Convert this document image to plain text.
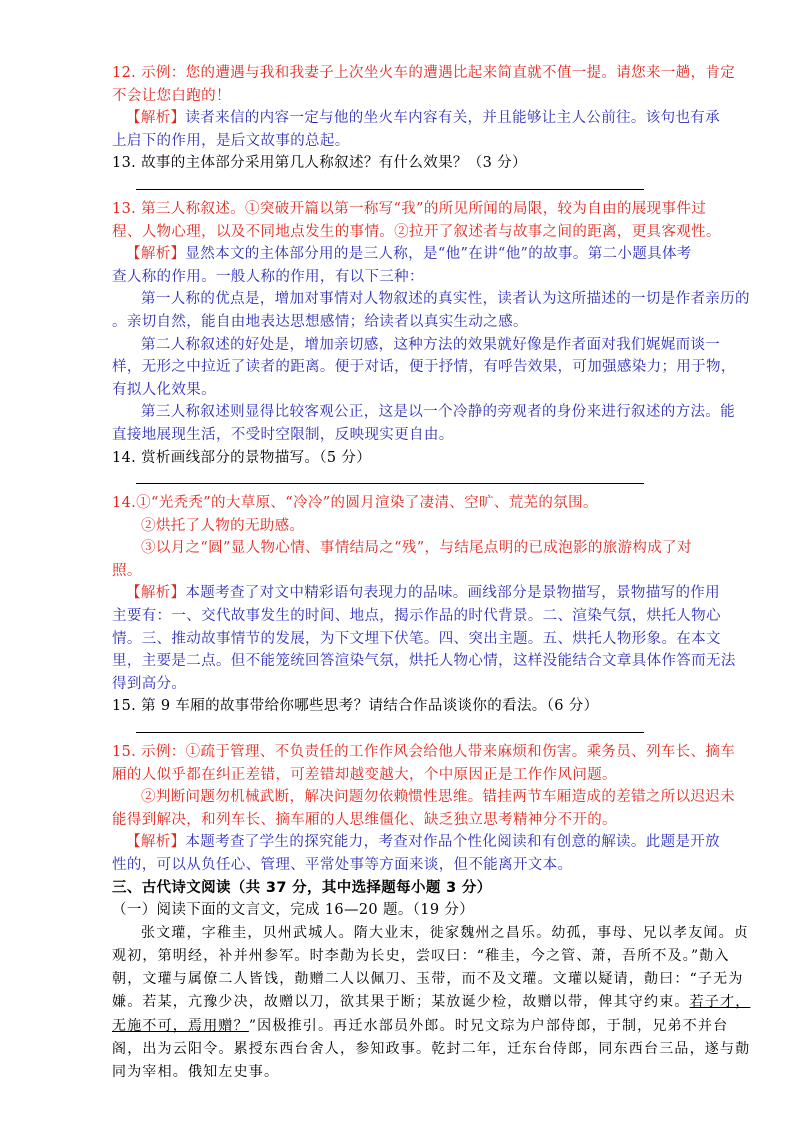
12. 示例：您的遭遇与我和我妻子上次坐火车的遭遇比起来简直就不值一提。请您来一趟，肯定
不会让您白跑的！
【解析】读者来信的内容一定与他的坐火车内容有关，并且能够让主人公前往。该句也有承
上启下的作用，是后文故事的总起。
13. 故事的主体部分采用第几人称叙述？有什么效果？（3 分）
13. 第三人称叙述。①突破开篇以第一称写“我”的所见所闻的局限，较为自由的展现事件过
程、人物心理，以及不同地点发生的事情。②拉开了叙述者与故事之间的距离，更具客观性。
【解析】显然本文的主体部分用的是三人称，是“他”在讲“他”的故事。第二小题具体考
查人称的作用。一般人称的作用，有以下三种：
第一人称的优点是，增加对事情对人物叙述的真实性，读者认为这所描述的一切是作者亲历的
。亲切自然，能自由地表达思想感情；给读者以真实生动之感。
第二人称叙述的好处是，增加亲切感，这种方法的效果就好像是作者面对我们娓娓而谈一
样，无形之中拉近了读者的距离。便于对话，便于抒情，有呼告效果，可加强感染力；用于物，
有拟人化效果。
第三人称叙述则显得比较客观公正，这是以一个冷静的旁观者的身份来进行叙述的方法。能
直接地展现生活，不受时空限制，反映现实更自由。
14. 赏析画线部分的景物描写。（5 分）
14.①“光秃秃”的大草原、“冷冷”的圆月渲染了凄清、空旷、荒芜的氛围。
②烘托了人物的无助感。
③以月之“圆”显人物心情、事情结局之“残”，与结尾点明的已成泡影的旅游构成了对
照。
【解析】本题考查了对文中精彩语句表现力的品味。画线部分是景物描写，景物描写的作用
主要有：一、交代故事发生的时间、地点，揭示作品的时代背景。二、渲染气氛，烘托人物心
情。三、推动故事情节的发展，为下文埋下伏笔。四、突出主题。五、烘托人物形象。在本文
里，主要是二点。但不能笼统回答渲染气氛，烘托人物心情，这样没能结合文章具体作答而无法
得到高分。
15. 第 9 车厢的故事带给你哪些思考？请结合作品谈谈你的看法。（6 分）
15. 示例：①疏于管理、不负责任的工作作风会给他人带来麻烦和伤害。乘务员、列车长、摘车
厢的人似乎都在纠正差错，可差错却越变越大，个中原因正是工作作风问题。
②判断问题勿机械武断，解决问题勿依赖惯性思维。错挂两节车厢造成的差错之所以迟迟未
能得到解决，和列车长、摘车厢的人思维僵化、缺乏独立思考精神分不开的。
【解析】本题考查了学生的探究能力，考查对作品个性化阅读和有创意的解读。此题是开放
性的，可以从负任心、管理、平常处事等方面来谈，但不能离开文本。
三、古代诗文阅读（共 37 分，其中选择题每小题 3 分）
（一）阅读下面的文言文，完成 16—20 题。（19 分）
张文瓘，字稚圭，贝州武城人。隋大业末，徙家魏州之昌乐。幼孤，事母、兄以孝友闻。贞
观初，第明经，补并州参军。时李勣为长史，尝叹曰：“稚圭，今之管、萧，吾所不及。”勣入
朝，文瓘与属僚二人皆饯，勣赠二人以佩刀、玉带，而不及文瓘。文瓘以疑请，勣曰：“子无为
嫌。若某，亢豫少决，故赠以刀，欲其果于断；某放诞少检，故赠以带，俾其守约束。若子才，
无施不可，焉用赠？”因极推引。再迁水部员外郎。时兄文琮为户部侍郎，于制，兄弟不并台
阁，出为云阳令。累授东西台舍人，参知政事。乾封二年，迁东台侍郎，同东西台三品，遂与勣
同为宰相。俄知左史事。
